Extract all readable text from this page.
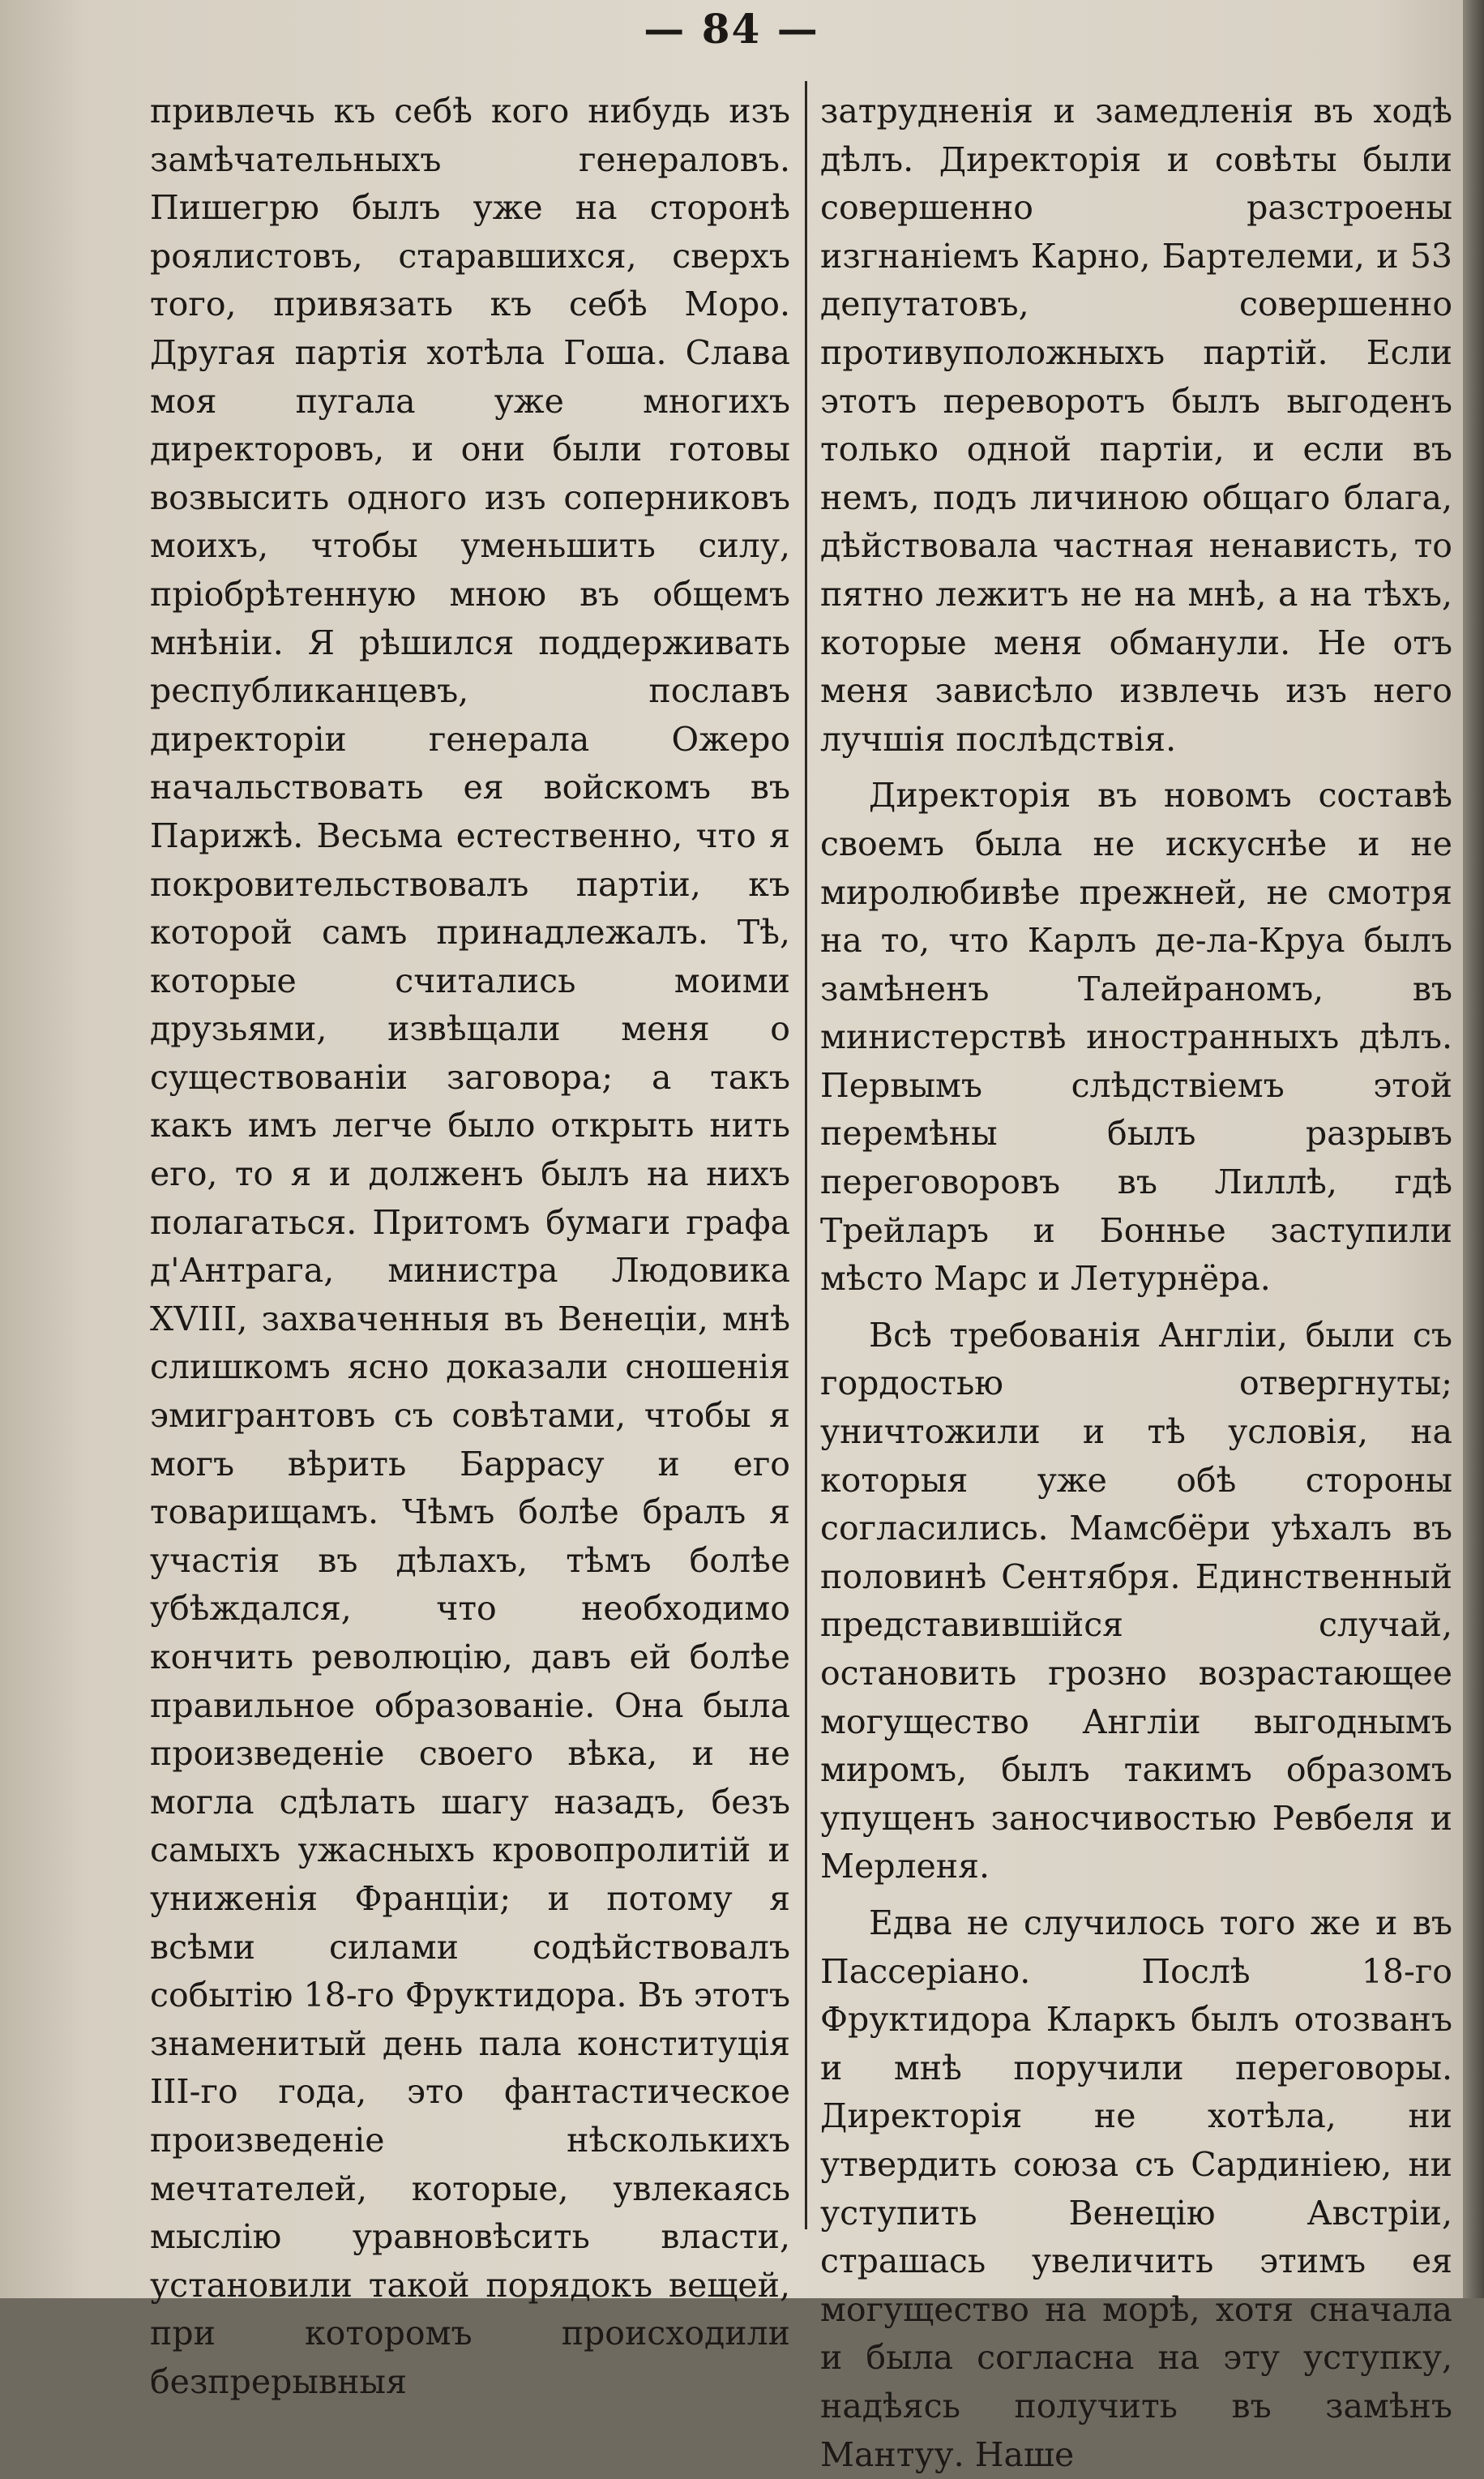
— 84 —

привлечь къ себѣ кого нибудь изъ замѣчательныхъ генераловъ. Пишегрю былъ уже на сторонѣ роялистовъ, старавшихся, сверхъ того, привязать къ себѣ Моро. Другая партія хотѣла Гоша. Слава моя пугала уже многихъ директоровъ, и они были готовы возвысить одного изъ соперниковъ моихъ, чтобы уменьшить силу, пріобрѣтенную мною въ общемъ мнѣніи. Я рѣшился поддерживать республиканцевъ, пославъ директоріи генерала Ожеро начальствовать ея войскомъ въ Парижѣ. Весьма естественно, что я покровительствовалъ партіи, къ которой самъ принадлежалъ. Тѣ, которые считались моими друзьями, извѣщали меня о существованіи заговора; а такъ какъ имъ легче было открыть нить его, то я и долженъ былъ на нихъ полагаться. Притомъ бумаги графа д'Антрага, министра Людовика XVIII, захваченныя въ Венеціи, мнѣ слишкомъ ясно доказали сношенія эмигрантовъ съ совѣтами, чтобы я могъ вѣрить Баррасу и его товарищамъ. Чѣмъ болѣе бралъ я участія въ дѣлахъ, тѣмъ болѣе убѣждался, что необходимо кончить революцію, давъ ей болѣе правильное образованіе. Она была произведеніе своего вѣка, и не могла сдѣлать шагу назадъ, безъ самыхъ ужасныхъ кровопролитій и униженія Франціи; и потому я всѣми силами содѣйствовалъ событію 18-го Фруктидора. Въ этотъ знаменитый день пала конституція III-го года, это фантастическое произведеніе нѣсколькихъ мечтателей, которые, увлекаясь мыслію уравновѣсить власти, установили такой порядокъ вещей, при которомъ происходили безпрерывныя

затрудненія и замедленія въ ходѣ дѣлъ. Директорія и совѣты были совершенно разстроены изгнаніемъ Карно, Бартелеми, и 53 депутатовъ, совершенно противуположныхъ партій. Если этотъ переворотъ былъ выгоденъ только одной партіи, и если въ немъ, подъ личиною общаго блага, дѣйствовала частная ненависть, то пятно лежитъ не на мнѣ, а на тѣхъ, которые меня обманули. Не отъ меня зависѣло извлечь изъ него лучшія послѣдствія.

Директорія въ новомъ составѣ своемъ была не искуснѣе и не миролюбивѣе прежней, не смотря на то, что Карлъ де-ла-Круа былъ замѣненъ Талейраномъ, въ министерствѣ иностранныхъ дѣлъ. Первымъ слѣдствіемъ этой перемѣны былъ разрывъ переговоровъ въ Лиллѣ, гдѣ Трейларъ и Боннье заступили мѣсто Марс и Летурнёра.

Всѣ требованія Англіи, были съ гордостью отвергнуты; уничтожили и тѣ условія, на которыя уже обѣ стороны согласились. Мамсбёри уѣхалъ въ половинѣ Сентября. Единственный представившійся случай, остановить грозно возрастающее могущество Англіи выгоднымъ миромъ, былъ такимъ образомъ упущенъ заносчивостью Ревбеля и Мерленя.

Едва не случилось того же и въ Пассеріано. Послѣ 18-го Фруктидора Кларкъ былъ отозванъ и мнѣ поручили переговоры. Директорія не хотѣла, ни утвердить союза съ Сардиніею, ни уступить Венецію Австріи, страшась увеличить этимъ ея могущество на морѣ, хотя сначала и была согласна на эту уступку, надѣясь получить въ замѣнъ Мантуу. Наше
